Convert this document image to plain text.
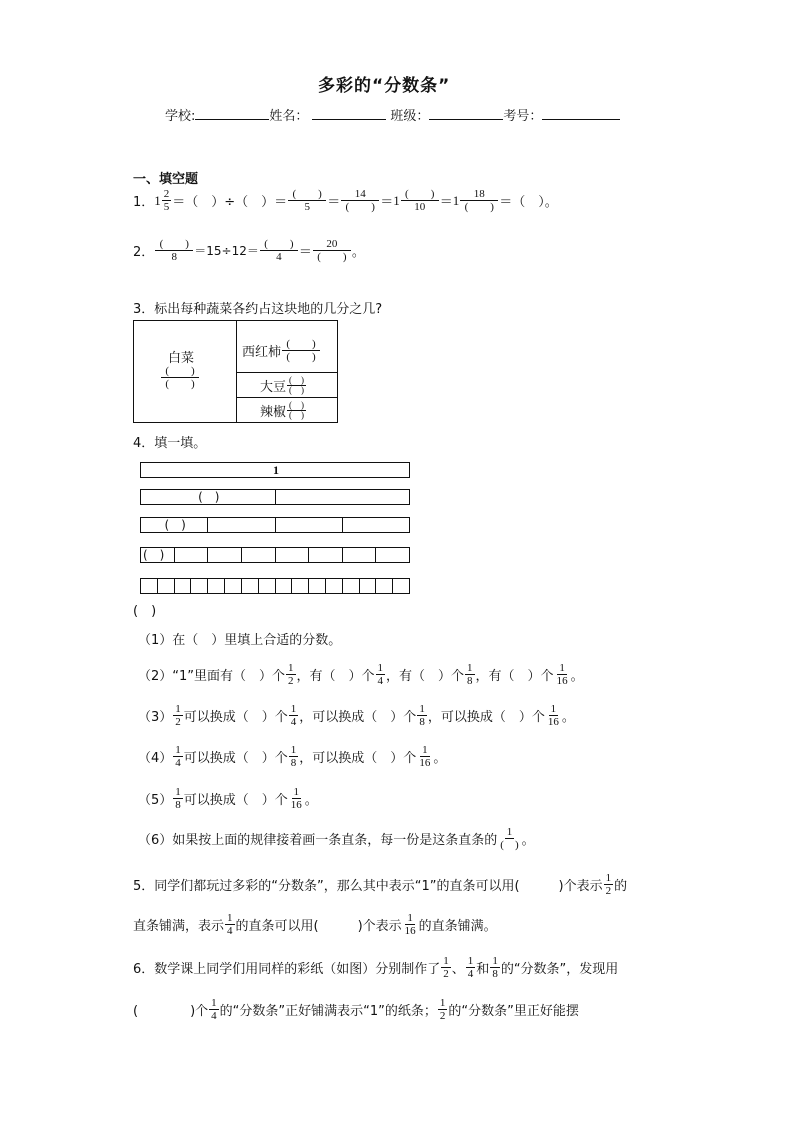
多彩的“分数条”
学校:	姓名：	班级：	考号：
一、填空题
1． $1 \frac{2}{5}$ ＝（　）÷（　）＝ $\frac{( )}{5} = \frac{14}{( )} = 1 \frac{( )}{10} = 1 \frac{18}{( )}$ ＝（　）。
2． $\frac{( )}{8} =15\div 12= \frac{( )}{4} = \frac{20}{( )}$ 。
3．标出每种蔬菜各约占这块地的几分之几?
白菜
$\frac{( )}{( )}$
西红柿 $\frac{( )}{( )}$
大豆 $\frac{( )}{( )}$
辣椒 $\frac{( )}{( )}$
4．填一填。
1
(　)
(　)
(　)
(　)
（1）在（　）里填上合适的分数。
（2）“1”里面有（　）个 $\frac{1}{2}$ ，有（　）个 $\frac{1}{4}$ ，有（　）个 $\frac{1}{8}$ ，有（　）个 $\frac{1}{16}$ 。
$(3) \frac{1}{2}$ 可以换成（　）个 $\frac{1}{4}$ ，可以换成（　）个 $\frac{1}{8}$ ，可以换成（　）个 $\frac{1}{16}$ 。
$(4) \frac{1}{4}$ 可以换成（　）个 $\frac{1}{8}$ ，可以换成（　）个 $\frac{1}{16}$ 。
$(5) \frac{1}{8}$ 可以换成（　）个 $\frac{1}{16}$ 。
（6）如果按上面的规律接着画一条直条，每一份是这条直条的 $\frac{1}{( )}$ 。
5．同学们都玩过多彩的“分数条”，那么其中表示“1”的直条可以用(　　　)个表示 $\frac{1}{2}$ 的
直条铺满，表示 $\frac{1}{4}$ 的直条可以用(　　　)个表示 $\frac{1}{16}$ 的直条铺满。
6．数学课上同学们用同样的彩纸（如图）分别制作了 $\frac{1}{2}$ 、 $\frac{1}{4}$ 和 $\frac{1}{8}$ 的“分数条”，发现用
(　　　　)个 $\frac{1}{4}$ 的“分数条”正好铺满表示“1”的纸条； $\frac{1}{2}$ 的“分数条”里正好能摆
